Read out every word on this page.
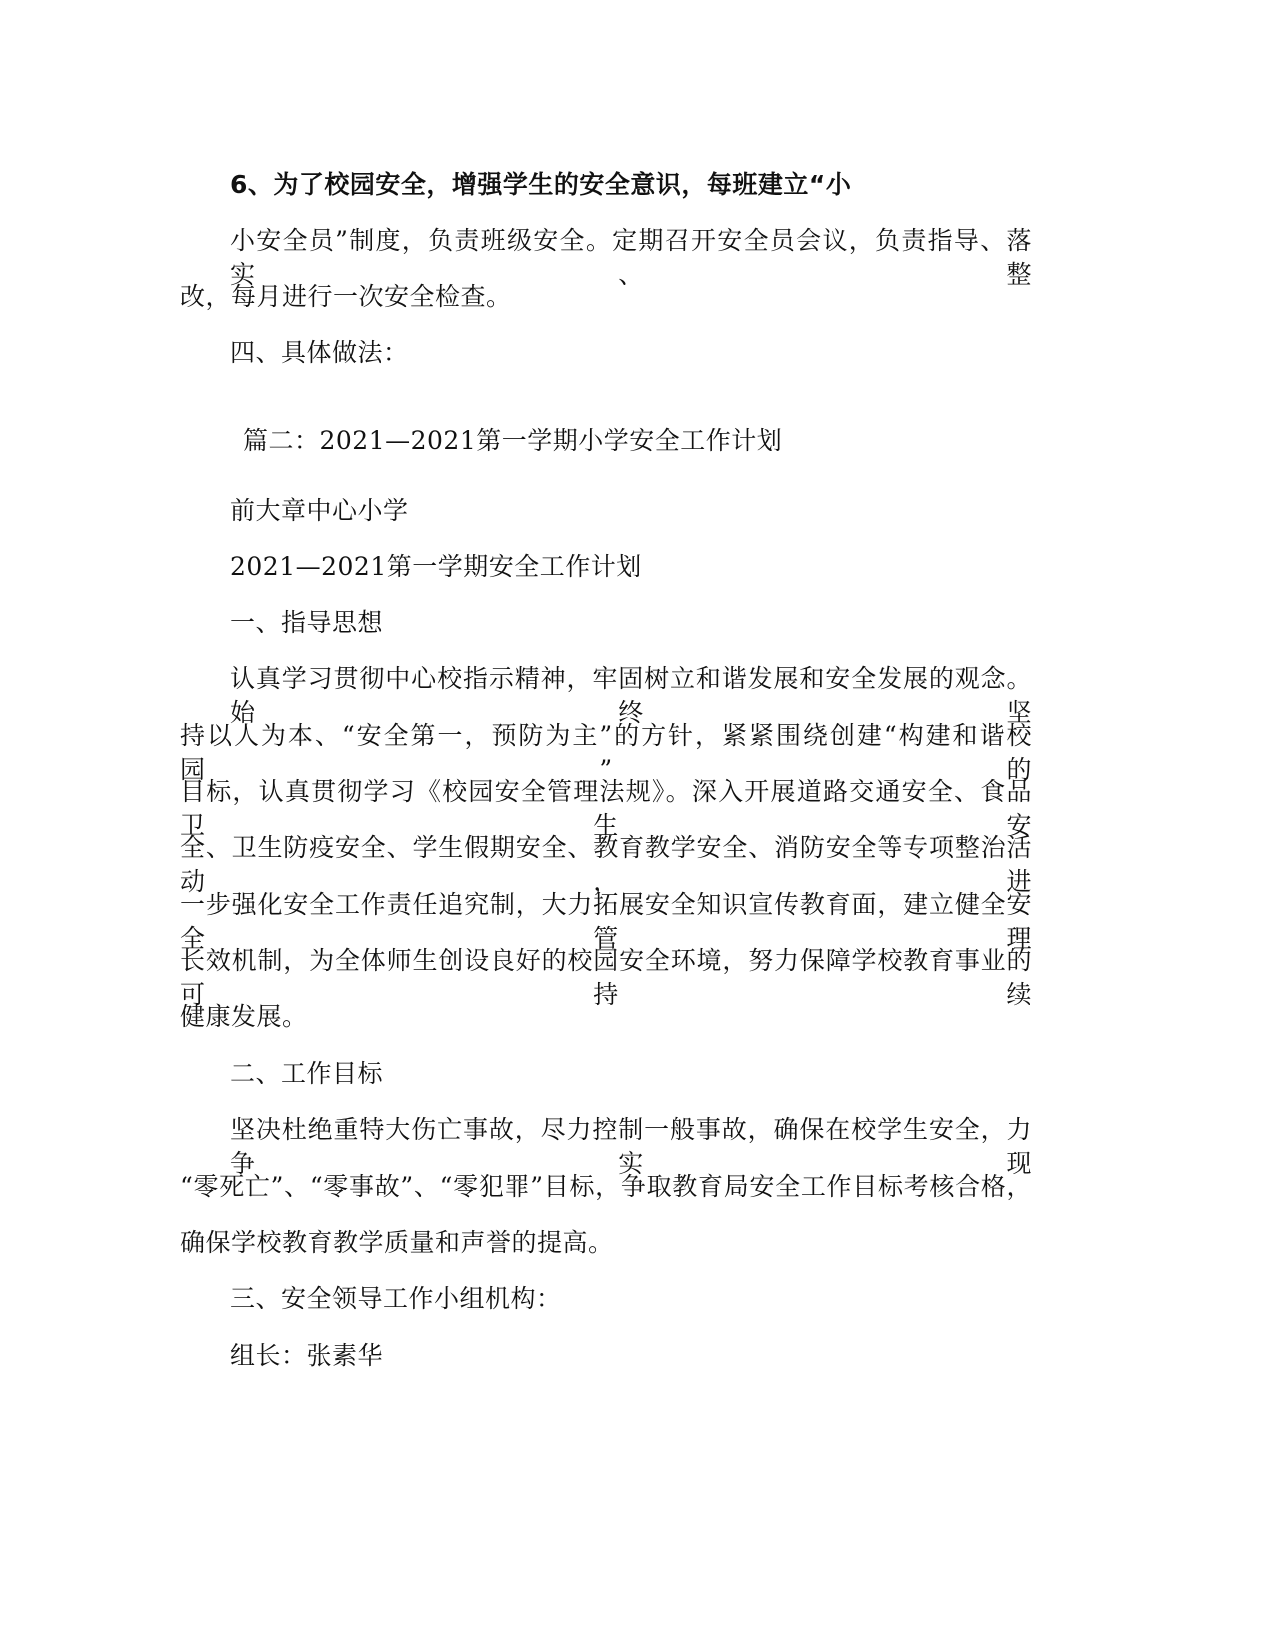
6、为了校园安全，增强学生的安全意识，每班建立“小
小安全员”制度，负责班级安全。定期召开安全员会议，负责指导、落实、整
改，每月进行一次安全检查。
四、具体做法：
篇二：2021—2021第一学期小学安全工作计划
前大章中心小学
2021—2021第一学期安全工作计划
一、指导思想
认真学习贯彻中心校指示精神，牢固树立和谐发展和安全发展的观念。始终坚
持以人为本、“安全第一，预防为主”的方针，紧紧围绕创建“构建和谐校园”的
目标，认真贯彻学习《校园安全管理法规》。深入开展道路交通安全、食品卫生安
全、卫生防疫安全、学生假期安全、教育教学安全、消防安全等专项整治活动，进
一步强化安全工作责任追究制，大力拓展安全知识宣传教育面，建立健全安全管理
长效机制，为全体师生创设良好的校园安全环境，努力保障学校教育事业的可持续
健康发展。
二、工作目标
坚决杜绝重特大伤亡事故，尽力控制一般事故，确保在校学生安全，力争实现
“零死亡”、“零事故”、“零犯罪”目标，争取教育局安全工作目标考核合格，
确保学校教育教学质量和声誉的提高。
三、安全领导工作小组机构：
组长：张素华
